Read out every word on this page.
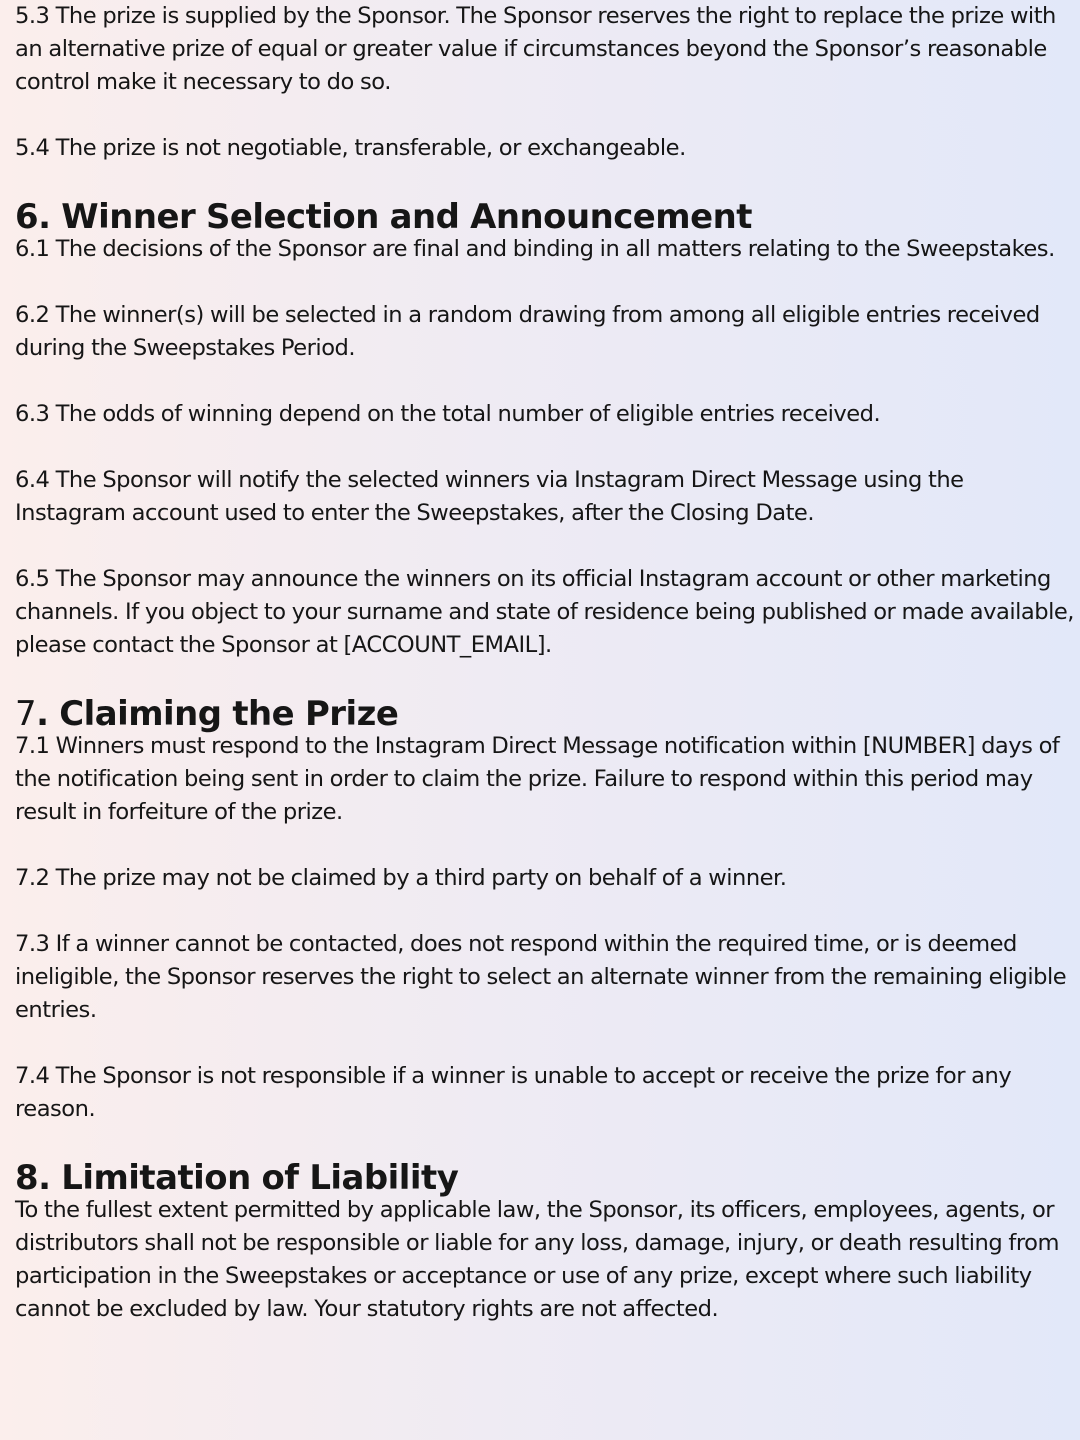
5.3 The prize is supplied by the Sponsor. The Sponsor reserves the right to replace the prize with an alternative prize of equal or greater value if circumstances beyond the Sponsor’s reasonable control make it necessary to do so.

5.4 The prize is not negotiable, transferable, or exchangeable.

6. Winner Selection and Announcement

6.1 The decisions of the Sponsor are final and binding in all matters relating to the Sweepstakes.

6.2 The winner(s) will be selected in a random drawing from among all eligible entries received during the Sweepstakes Period.

6.3 The odds of winning depend on the total number of eligible entries received.

6.4 The Sponsor will notify the selected winners via Instagram Direct Message using the Instagram account used to enter the Sweepstakes, after the Closing Date.

6.5 The Sponsor may announce the winners on its official Instagram account or other marketing channels. If you object to your surname and state of residence being published or made available, please contact the Sponsor at [ACCOUNT_EMAIL].

7. Claiming the Prize

7.1 Winners must respond to the Instagram Direct Message notification within [NUMBER] days of the notification being sent in order to claim the prize. Failure to respond within this period may result in forfeiture of the prize.

7.2 The prize may not be claimed by a third party on behalf of a winner.

7.3 If a winner cannot be contacted, does not respond within the required time, or is deemed ineligible, the Sponsor reserves the right to select an alternate winner from the remaining eligible entries.

7.4 The Sponsor is not responsible if a winner is unable to accept or receive the prize for any reason.

8. Limitation of Liability

To the fullest extent permitted by applicable law, the Sponsor, its officers, employees, agents, or distributors shall not be responsible or liable for any loss, damage, injury, or death resulting from participation in the Sweepstakes or acceptance or use of any prize, except where such liability cannot be excluded by law. Your statutory rights are not affected.
